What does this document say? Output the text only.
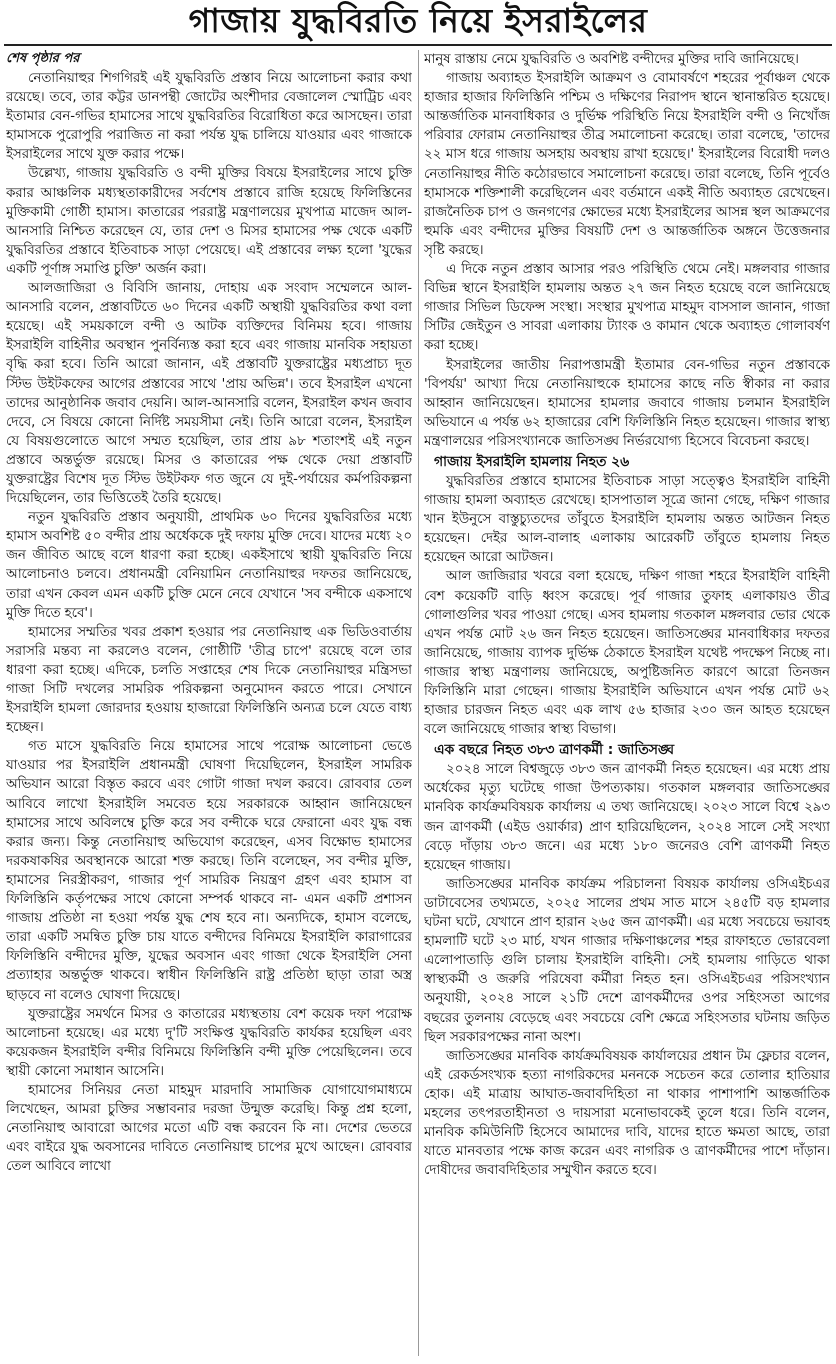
গাজায় যুদ্ধবিরতি নিয়ে ইসরাইলের

শেষ পৃষ্ঠার পর

নেতানিয়াহুর শিগগিরই এই যুদ্ধবিরতি প্রস্তাব নিয়ে আলোচনা করার কথা রয়েছে। তবে, তার কট্টর ডানপন্থী জোটের অংশীদার বেজালেল স্মোট্রিচ এবং ইতামার বেন-গভির হামাসের সাথে যুদ্ধবিরতির বিরোধিতা করে আসছেন। তারা হামাসকে পুরোপুরি পরাজিত না করা পর্যন্ত যুদ্ধ চালিয়ে যাওয়ার এবং গাজাকে ইসরাইলের সাথে যুক্ত করার পক্ষে।

উল্লেখ্য, গাজায় যুদ্ধবিরতি ও বন্দী মুক্তির বিষয়ে ইসরাইলের সাথে চুক্তি করার আঞ্চলিক মধ্যস্থতাকারীদের সর্বশেষ প্রস্তাবে রাজি হয়েছে ফিলিস্তিনের মুক্তিকামী গোষ্ঠী হামাস। কাতারের পররাষ্ট্র মন্ত্রণালয়ের মুখপাত্র মাজেদ আল-আনসারি নিশ্চিত করেছেন যে, তার দেশ ও মিসর হামাসের পক্ষ থেকে একটি যুদ্ধবিরতির প্রস্তাবে ইতিবাচক সাড়া পেয়েছে। এই প্রস্তাবের লক্ষ্য হলো 'যুদ্ধের একটি পূর্ণাঙ্গ সমাপ্তি চুক্তি' অর্জন করা।

আলজাজিরা ও বিবিসি জানায়, দোহায় এক সংবাদ সম্মেলনে আল-আনসারি বলেন, প্রস্তাবটিতে ৬০ দিনের একটি অস্থায়ী যুদ্ধবিরতির কথা বলা হয়েছে। এই সময়কালে বন্দী ও আটক ব্যক্তিদের বিনিময় হবে। গাজায় ইসরাইলি বাহিনীর অবস্থান পুনর্বিন্যস্ত করা হবে এবং গাজায় মানবিক সহায়তা বৃদ্ধি করা হবে। তিনি আরো জানান, এই প্রস্তাবটি যুক্তরাষ্ট্রের মধ্যপ্রাচ্য দূত স্টিভ উইটকফের আগের প্রস্তাবের সাথে 'প্রায় অভিন্ন'। তবে ইসরাইল এখনো তাদের আনুষ্ঠানিক জবাব দেয়নি। আল-আনসারি বলেন, ইসরাইল কখন জবাব দেবে, সে বিষয়ে কোনো নির্দিষ্ট সময়সীমা নেই। তিনি আরো বলেন, ইসরাইল যে বিষয়গুলোতে আগে সম্মত হয়েছিল, তার প্রায় ৯৮ শতাংশই এই নতুন প্রস্তাবে অন্তর্ভুক্ত রয়েছে। মিসর ও কাতারের পক্ষ থেকে দেয়া প্রস্তাবটি যুক্তরাষ্ট্রের বিশেষ দূত স্টিভ উইটকফ গত জুনে যে দুই-পর্যায়ের কর্মপরিকল্পনা দিয়েছিলেন, তার ভিত্তিতেই তৈরি হয়েছে।

নতুন যুদ্ধবিরতি প্রস্তাব অনুযায়ী, প্রাথমিক ৬০ দিনের যুদ্ধবিরতির মধ্যে হামাস অবশিষ্ট ৫০ বন্দীর প্রায় অর্ধেককে দুই দফায় মুক্তি দেবে। যাদের মধ্যে ২০ জন জীবিত আছে বলে ধারণা করা হচ্ছে। একইসাথে স্থায়ী যুদ্ধবিরতি নিয়ে আলোচনাও চলবে। প্রধানমন্ত্রী বেনিয়ামিন নেতানিয়াহুর দফতর জানিয়েছে, তারা এখন কেবল এমন একটি চুক্তি মেনে নেবে যেখানে 'সব বন্দীকে একসাথে মুক্তি দিতে হবে'।

হামাসের সম্মতির খবর প্রকাশ হওয়ার পর নেতানিয়াহু এক ভিডিওবার্তায় সরাসরি মন্তব্য না করলেও বলেন, গোষ্ঠীটি 'তীব্র চাপে' রয়েছে বলে তার ধারণা করা হচ্ছে। এদিকে, চলতি সপ্তাহের শেষ দিকে নেতানিয়াহুর মন্ত্রিসভা গাজা সিটি দখলের সামরিক পরিকল্পনা অনুমোদন করতে পারে। সেখানে ইসরাইলি হামলা জোরদার হওয়ায় হাজারো ফিলিস্তিনি অন্যত্র চলে যেতে বাধ্য হচ্ছেন।

গত মাসে যুদ্ধবিরতি নিয়ে হামাসের সাথে পরোক্ষ আলোচনা ভেঙে যাওয়ার পর ইসরাইলি প্রধানমন্ত্রী ঘোষণা দিয়েছিলেন, ইসরাইল সামরিক অভিযান আরো বিস্তৃত করবে এবং গোটা গাজা দখল করবে। রোববার তেল আবিবে লাখো ইসরাইলি সমবেত হয়ে সরকারকে আহ্বান জানিয়েছেন হামাসের সাথে অবিলম্বে চুক্তি করে সব বন্দীকে ঘরে ফেরানো এবং যুদ্ধ বন্ধ করার জন্য। কিন্তু নেতানিয়াহু অভিযোগ করেছেন, এসব বিক্ষোভ হামাসের দরকষাকষির অবস্থানকে আরো শক্ত করছে। তিনি বলেছেন, সব বন্দীর মুক্তি, হামাসের নিরস্ত্রীকরণ, গাজার পূর্ণ সামরিক নিয়ন্ত্রণ গ্রহণ এবং হামাস বা ফিলিস্তিনি কর্তৃপক্ষের সাথে কোনো সম্পর্ক থাকবে না- এমন একটি প্রশাসন গাজায় প্রতিষ্ঠা না হওয়া পর্যন্ত যুদ্ধ শেষ হবে না। অন্যদিকে, হামাস বলেছে, তারা একটি সমন্বিত চুক্তি চায় যাতে বন্দীদের বিনিময়ে ইসরাইলি কারাগারের ফিলিস্তিনি বন্দীদের মুক্তি, যুদ্ধের অবসান এবং গাজা থেকে ইসরাইলি সেনা প্রত্যাহার অন্তর্ভুক্ত থাকবে। স্বাধীন ফিলিস্তিনি রাষ্ট্র প্রতিষ্ঠা ছাড়া তারা অস্ত্র ছাড়বে না বলেও ঘোষণা দিয়েছে।

যুক্তরাষ্ট্রের সমর্থনে মিসর ও কাতারের মধ্যস্থতায় বেশ কয়েক দফা পরোক্ষ আলোচনা হয়েছে। এর মধ্যে দু'টি সংক্ষিপ্ত যুদ্ধবিরতি কার্যকর হয়েছিল এবং কয়েকজন ইসরাইলি বন্দীর বিনিময়ে ফিলিস্তিনি বন্দী মুক্তি পেয়েছিলেন। তবে স্থায়ী কোনো সমাধান আসেনি।

হামাসের সিনিয়র নেতা মাহমুদ মারদাবি সামাজিক যোগাযোগমাধ্যমে লিখেছেন, আমরা চুক্তির সম্ভাবনার দরজা উন্মুক্ত করেছি। কিন্তু প্রশ্ন হলো, নেতানিয়াহু আবারো আগের মতো এটি বন্ধ করবেন কি না। দেশের ভেতরে এবং বাইরে যুদ্ধ অবসানের দাবিতে নেতানিয়াহু চাপের মুখে আছেন। রোববার তেল আবিবে লাখো

মানুষ রাস্তায় নেমে যুদ্ধবিরতি ও অবশিষ্ট বন্দীদের মুক্তির দাবি জানিয়েছে।

গাজায় অব্যাহত ইসরাইলি আক্রমণ ও বোমাবর্ষণে শহরের পূর্বাঞ্চল থেকে হাজার হাজার ফিলিস্তিনি পশ্চিম ও দক্ষিণের নিরাপদ স্থানে স্থানান্তরিত হয়েছে। আন্তর্জাতিক মানবাধিকার ও দুর্ভিক্ষ পরিস্থিতি নিয়ে ইসরাইলি বন্দী ও নিখোঁজ পরিবার ফোরাম নেতানিয়াহুর তীব্র সমালোচনা করেছে। তারা বলেছে, 'তাদের ২২ মাস ধরে গাজায় অসহায় অবস্থায় রাখা হয়েছে।' ইসরাইলের বিরোধী দলও নেতানিয়াহুর নীতি কঠোরভাবে সমালোচনা করেছে। তারা বলেছে, তিনি পূর্বেও হামাসকে শক্তিশালী করেছিলেন এবং বর্তমানে একই নীতি অব্যাহত রেখেছেন। রাজনৈতিক চাপ ও জনগণের ক্ষোভের মধ্যে ইসরাইলের আসন্ন স্থল আক্রমণের হুমকি এবং বন্দীদের মুক্তির বিষয়টি দেশ ও আন্তর্জাতিক অঙ্গনে উত্তেজনার সৃষ্টি করছে।

এ দিকে নতুন প্রস্তাব আসার পরও পরিস্থিতি থেমে নেই। মঙ্গলবার গাজার বিভিন্ন স্থানে ইসরাইলি হামলায় অন্তত ২৭ জন নিহত হয়েছে বলে জানিয়েছে গাজার সিভিল ডিফেন্স সংস্থা। সংস্থার মুখপাত্র মাহমুদ বাসসাল জানান, গাজা সিটির জেইতুন ও সাবরা এলাকায় ট্যাংক ও কামান থেকে অব্যাহত গোলাবর্ষণ করা হচ্ছে।

ইসরাইলের জাতীয় নিরাপত্তামন্ত্রী ইতামার বেন-গভির নতুন প্রস্তাবকে 'বিপর্যয়' আখ্যা দিয়ে নেতানিয়াহুকে হামাসের কাছে নতি স্বীকার না করার আহ্বান জানিয়েছেন। হামাসের হামলার জবাবে গাজায় চলমান ইসরাইলি অভিযানে এ পর্যন্ত ৬২ হাজারের বেশি ফিলিস্তিনি নিহত হয়েছেন। গাজার স্বাস্থ্য মন্ত্রণালয়ের পরিসংখ্যানকে জাতিসঙ্ঘ নির্ভরযোগ্য হিসেবে বিবেচনা করছে।

গাজায় ইসরাইলি হামলায় নিহত ২৬

যুদ্ধবিরতির প্রস্তাবে হামাসের ইতিবাচক সাড়া সত্ত্বেও ইসরাইলি বাহিনী গাজায় হামলা অব্যাহত রেখেছে। হাসপাতাল সূত্রে জানা গেছে, দক্ষিণ গাজার খান ইউনুসে বাস্তুচ্যুতদের তাঁবুতে ইসরাইলি হামলায় অন্তত আটজন নিহত হয়েছেন। দেইর আল-বালাহ এলাকায় আরেকটি তাঁবুতে হামলায় নিহত হয়েছেন আরো আটজন।

আল জাজিরার খবরে বলা হয়েছে, দক্ষিণ গাজা শহরে ইসরাইলি বাহিনী বেশ কয়েকটি বাড়ি ধ্বংস করেছে। পূর্ব গাজার তুফাহ এলাকায়ও তীব্র গোলাগুলির খবর পাওয়া গেছে। এসব হামলায় গতকাল মঙ্গলবার ভোর থেকে এখন পর্যন্ত মোট ২৬ জন নিহত হয়েছেন। জাতিসঙ্ঘের মানবাধিকার দফতর জানিয়েছে, গাজায় ব্যাপক দুর্ভিক্ষ ঠেকাতে ইসরাইল যথেষ্ট পদক্ষেপ নিচ্ছে না। গাজার স্বাস্থ্য মন্ত্রণালয় জানিয়েছে, অপুষ্টিজনিত কারণে আরো তিনজন ফিলিস্তিনি মারা গেছেন। গাজায় ইসরাইলি অভিযানে এখন পর্যন্ত মোট ৬২ হাজার চারজন নিহত এবং এক লাখ ৫৬ হাজার ২৩০ জন আহত হয়েছেন বলে জানিয়েছে গাজার স্বাস্থ্য বিভাগ।

এক বছরে নিহত ৩৮৩ ত্রাণকর্মী : জাতিসঙ্ঘ

২০২৪ সালে বিশ্বজুড়ে ৩৮৩ জন ত্রাণকর্মী নিহত হয়েছেন। এর মধ্যে প্রায় অর্ধেকের মৃত্যু ঘটেছে গাজা উপত্যকায়। গতকাল মঙ্গলবার জাতিসঙ্ঘের মানবিক কার্যক্রমবিষয়ক কার্যালয় এ তথ্য জানিয়েছে। ২০২৩ সালে বিশ্বে ২৯৩ জন ত্রাণকর্মী (এইড ওয়ার্কার) প্রাণ হারিয়েছিলেন, ২০২৪ সালে সেই সংখ্যা বেড়ে দাঁড়ায় ৩৮৩ জনে। এর মধ্যে ১৮০ জনেরও বেশি ত্রাণকর্মী নিহত হয়েছেন গাজায়।

জাতিসঙ্ঘের মানবিক কার্যক্রম পরিচালনা বিষয়ক কার্যালয় ওসিএইচএর ডাটাবেসের তথ্যমতে, ২০২৫ সালের প্রথম সাত মাসে ২৪৫টি বড় হামলার ঘটনা ঘটে, যেখানে প্রাণ হারান ২৬৫ জন ত্রাণকর্মী। এর মধ্যে সবচেয়ে ভয়াবহ হামলাটি ঘটে ২৩ মার্চ, যখন গাজার দক্ষিণাঞ্চলের শহর রাফাহতে ভোরবেলা এলোপাতাড়ি গুলি চালায় ইসরাইলি বাহিনী। সেই হামলায় গাড়িতে থাকা স্বাস্থ্যকর্মী ও জরুরি পরিষেবা কর্মীরা নিহত হন। ওসিএইচএর পরিসংখ্যান অনুযায়ী, ২০২৪ সালে ২১টি দেশে ত্রাণকর্মীদের ওপর সহিংসতা আগের বছরের তুলনায় বেড়েছে এবং সবচেয়ে বেশি ক্ষেত্রে সহিংসতার ঘটনায় জড়িত ছিল সরকারপক্ষের নানা অংশ।

জাতিসঙ্ঘের মানবিক কার্যক্রমবিষয়ক কার্যালয়ের প্রধান টম ফ্লেচার বলেন, এই রেকর্ডসংখ্যক হত্যা নাগরিকদের মননকে সচেতন করে তোলার হাতিয়ার হোক। এই মাত্রায় আঘাত-জবাবদিহিতা না থাকার পাশাপাশি আন্তর্জাতিক মহলের তৎপরতাহীনতা ও দায়সারা মনোভাবকেই তুলে ধরে। তিনি বলেন, মানবিক কমিউনিটি হিসেবে আমাদের দাবি, যাদের হাতে ক্ষমতা আছে, তারা যাতে মানবতার পক্ষে কাজ করেন এবং নাগরিক ও ত্রাণকর্মীদের পাশে দাঁড়ান। দোষীদের জবাবদিহিতার সম্মুখীন করতে হবে।
